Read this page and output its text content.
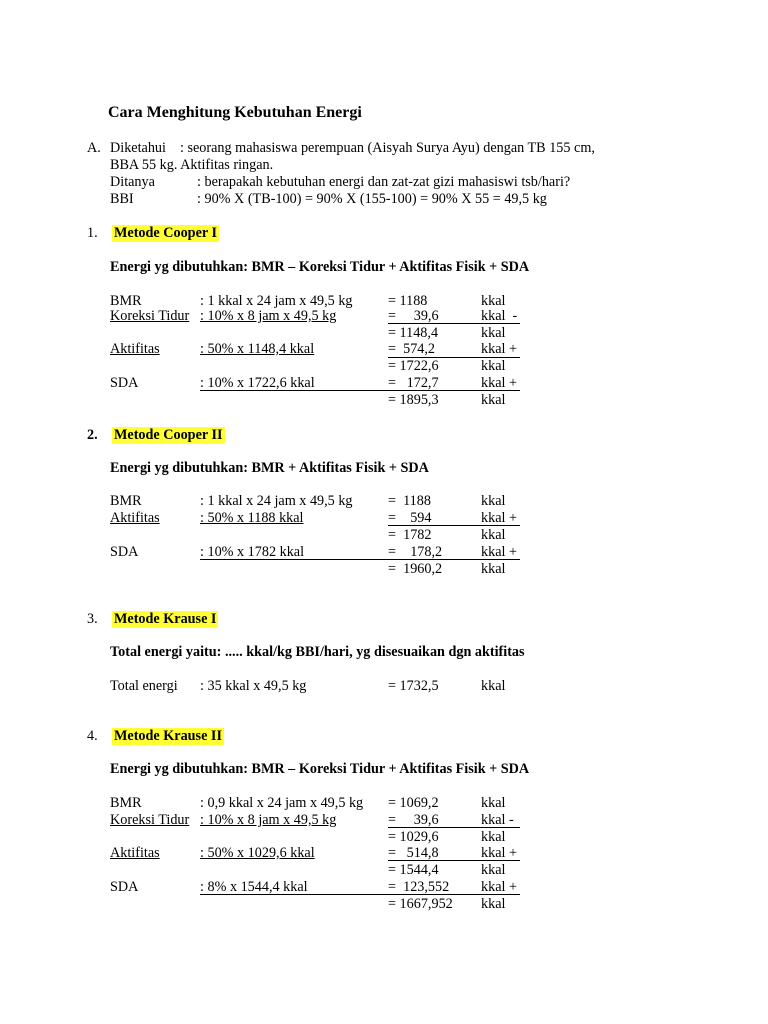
Cara Menghitung Kebutuhan Energi
A. Diketahui : seorang mahasiswa perempuan (Aisyah Surya Ayu) dengan TB 155 cm,
BBA 55 kg. Aktifitas ringan.
Ditanya	: berapakah kebutuhan energi dan zat-zat gizi mahasiswi tsb/hari?
BBI	: 90% X (TB-100) = 90% X (155-100) = 90% X 55 = 49,5 kg
1. Metode Cooper I
Energi yg dibutuhkan: BMR – Koreksi Tidur + Aktifitas Fisik + SDA
BMR	: 1 kkal x 24 jam x 49,5 kg = 1188	kkal
Koreksi Tidur : 10% x 8 jam x 49,5 kg	=     39,6	kkal  -
= 1148,4	kkal
Aktifitas	: 50% x 1148,4 kkal	=  574,2	kkal +
= 1722,6	kkal
SDA	: 10% x 1722,6 kkal	=   172,7	kkal +
= 1895,3	kkal
2. Metode Cooper II
Energi yg dibutuhkan: BMR + Aktifitas Fisik + SDA
BMR	: 1 kkal x 24 jam x 49,5 kg =  1188	kkal
Aktifitas	: 50% x 1188 kkal	=    594	kkal +
=  1782	kkal
SDA	: 10% x 1782 kkal	=    178,2	kkal +
=  1960,2	kkal
3. Metode Krause I
Total energi yaitu: ..... kkal/kg BBI/hari, yg disesuaikan dgn aktifitas
Total energi : 35 kkal x 49,5 kg	= 1732,5	kkal
4. Metode Krause II
Energi yg dibutuhkan: BMR – Koreksi Tidur + Aktifitas Fisik + SDA
BMR	: 0,9 kkal x 24 jam x 49,5 kg = 1069,2	kkal
Koreksi Tidur : 10% x 8 jam x 49,5 kg	=     39,6	kkal -
= 1029,6	kkal
Aktifitas	: 50% x 1029,6 kkal	=   514,8	kkal +
= 1544,4	kkal
SDA	: 8% x 1544,4 kkal	=  123,552 kkal +
= 1667,952 kkal
